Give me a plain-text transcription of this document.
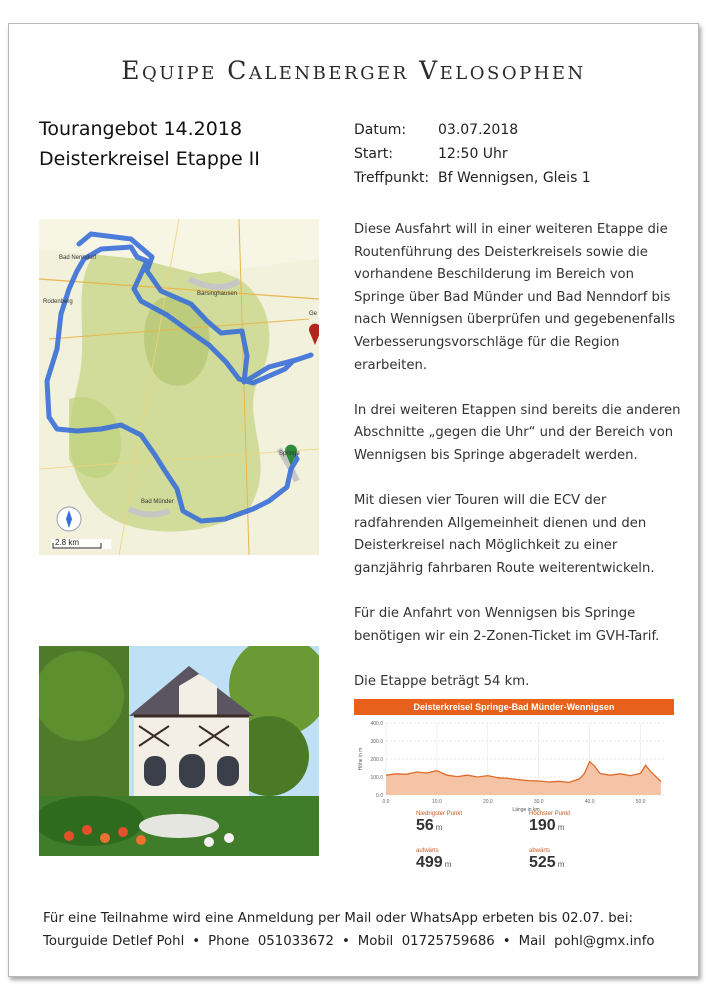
Equipe Calenberger Velosophen
Tourangebot 14.2018
Deisterkreisel Etappe II
Datum:	03.07.2018
Start:	12:50 Uhr
Treffpunkt: Bf Wennigsen, Gleis 1
Bad Nenndorf
Barsinghausen
Rodenberg
Springe
Bad Münder
Ge
2.8 km

Diese Ausfahrt will in einer weiteren Etappe die Routenführung des Deisterkreisels sowie die vorhandene Beschilderung im Bereich von Springe über Bad Münder und Bad Nenndorf bis nach Wennigsen überprüfen und gegebenenfalls Verbesserungsvorschläge für die Region erarbeiten.

In drei weiteren Etappen sind bereits die anderen Abschnitte „gegen die Uhr“ und der Bereich von Wennigsen bis Springe abgeradelt werden.

Mit diesen vier Touren will die ECV der radfahrenden Allgemeinheit dienen und den Deisterkreisel nach Möglichkeit zu einer ganzjährig fahrbaren Route weiterentwickeln.

Für die Anfahrt von Wennigsen bis Springe benötigen wir ein 2-Zonen-Ticket im GVH-Tarif.

Die Etappe beträgt 54 km.

Deisterkreisel Springe-Bad Münder-Wennigsen
0.0
100.0
200.0
300.0
400.0
0.0	10.0	20.0	30.0	40.0	50.0
Länge in km
Höhe in m
Niedrigster Punkt
56 m
aufwärts
499 m
Höchster Punkt
190 m
abwärts
525 m
Für eine Teilnahme wird eine Anmeldung per Mail oder WhatsApp erbeten bis 02.07. bei:
Tourguide Detlef Pohl • Phone 051033672 • Mobil 01725759686 • Mail pohl@gmx.info
